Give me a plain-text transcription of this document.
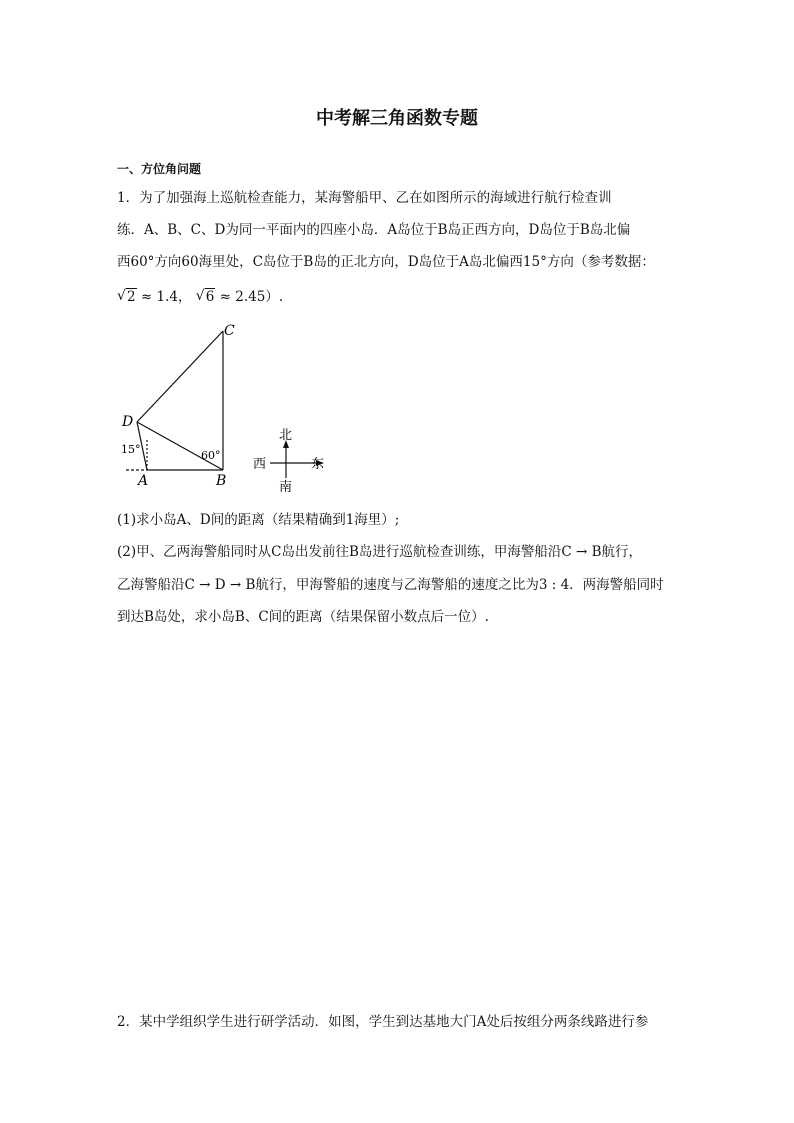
中考解三角函数专题
一、方位角问题
1．为了加强海上巡航检查能力，某海警船甲、乙在如图所示的海域进行航行检查训
练．A、B、C、D为同一平面内的四座小岛．A岛位于B岛正西方向，D岛位于B岛北偏
西60°方向60海里处，C岛位于B岛的正北方向，D岛位于A岛北偏西15°方向（参考数据：
√ 2 ≈ 1.4， √ 6 ≈ 2.45）.
C
D
A	B
15°	60°
北
南
西	东
(1)求小岛A、D间的距离（结果精确到1海里）;
(2)甲、乙两海警船同时从C岛出发前往B岛进行巡航检查训练，甲海警船沿C → B航行，
乙海警船沿C → D → B航行，甲海警船的速度与乙海警船的速度之比为3 : 4．两海警船同时
到达B岛处，求小岛B、C间的距离（结果保留小数点后一位）.
2．某中学组织学生进行研学活动．如图，学生到达基地大门A处后按组分两条线路进行参
